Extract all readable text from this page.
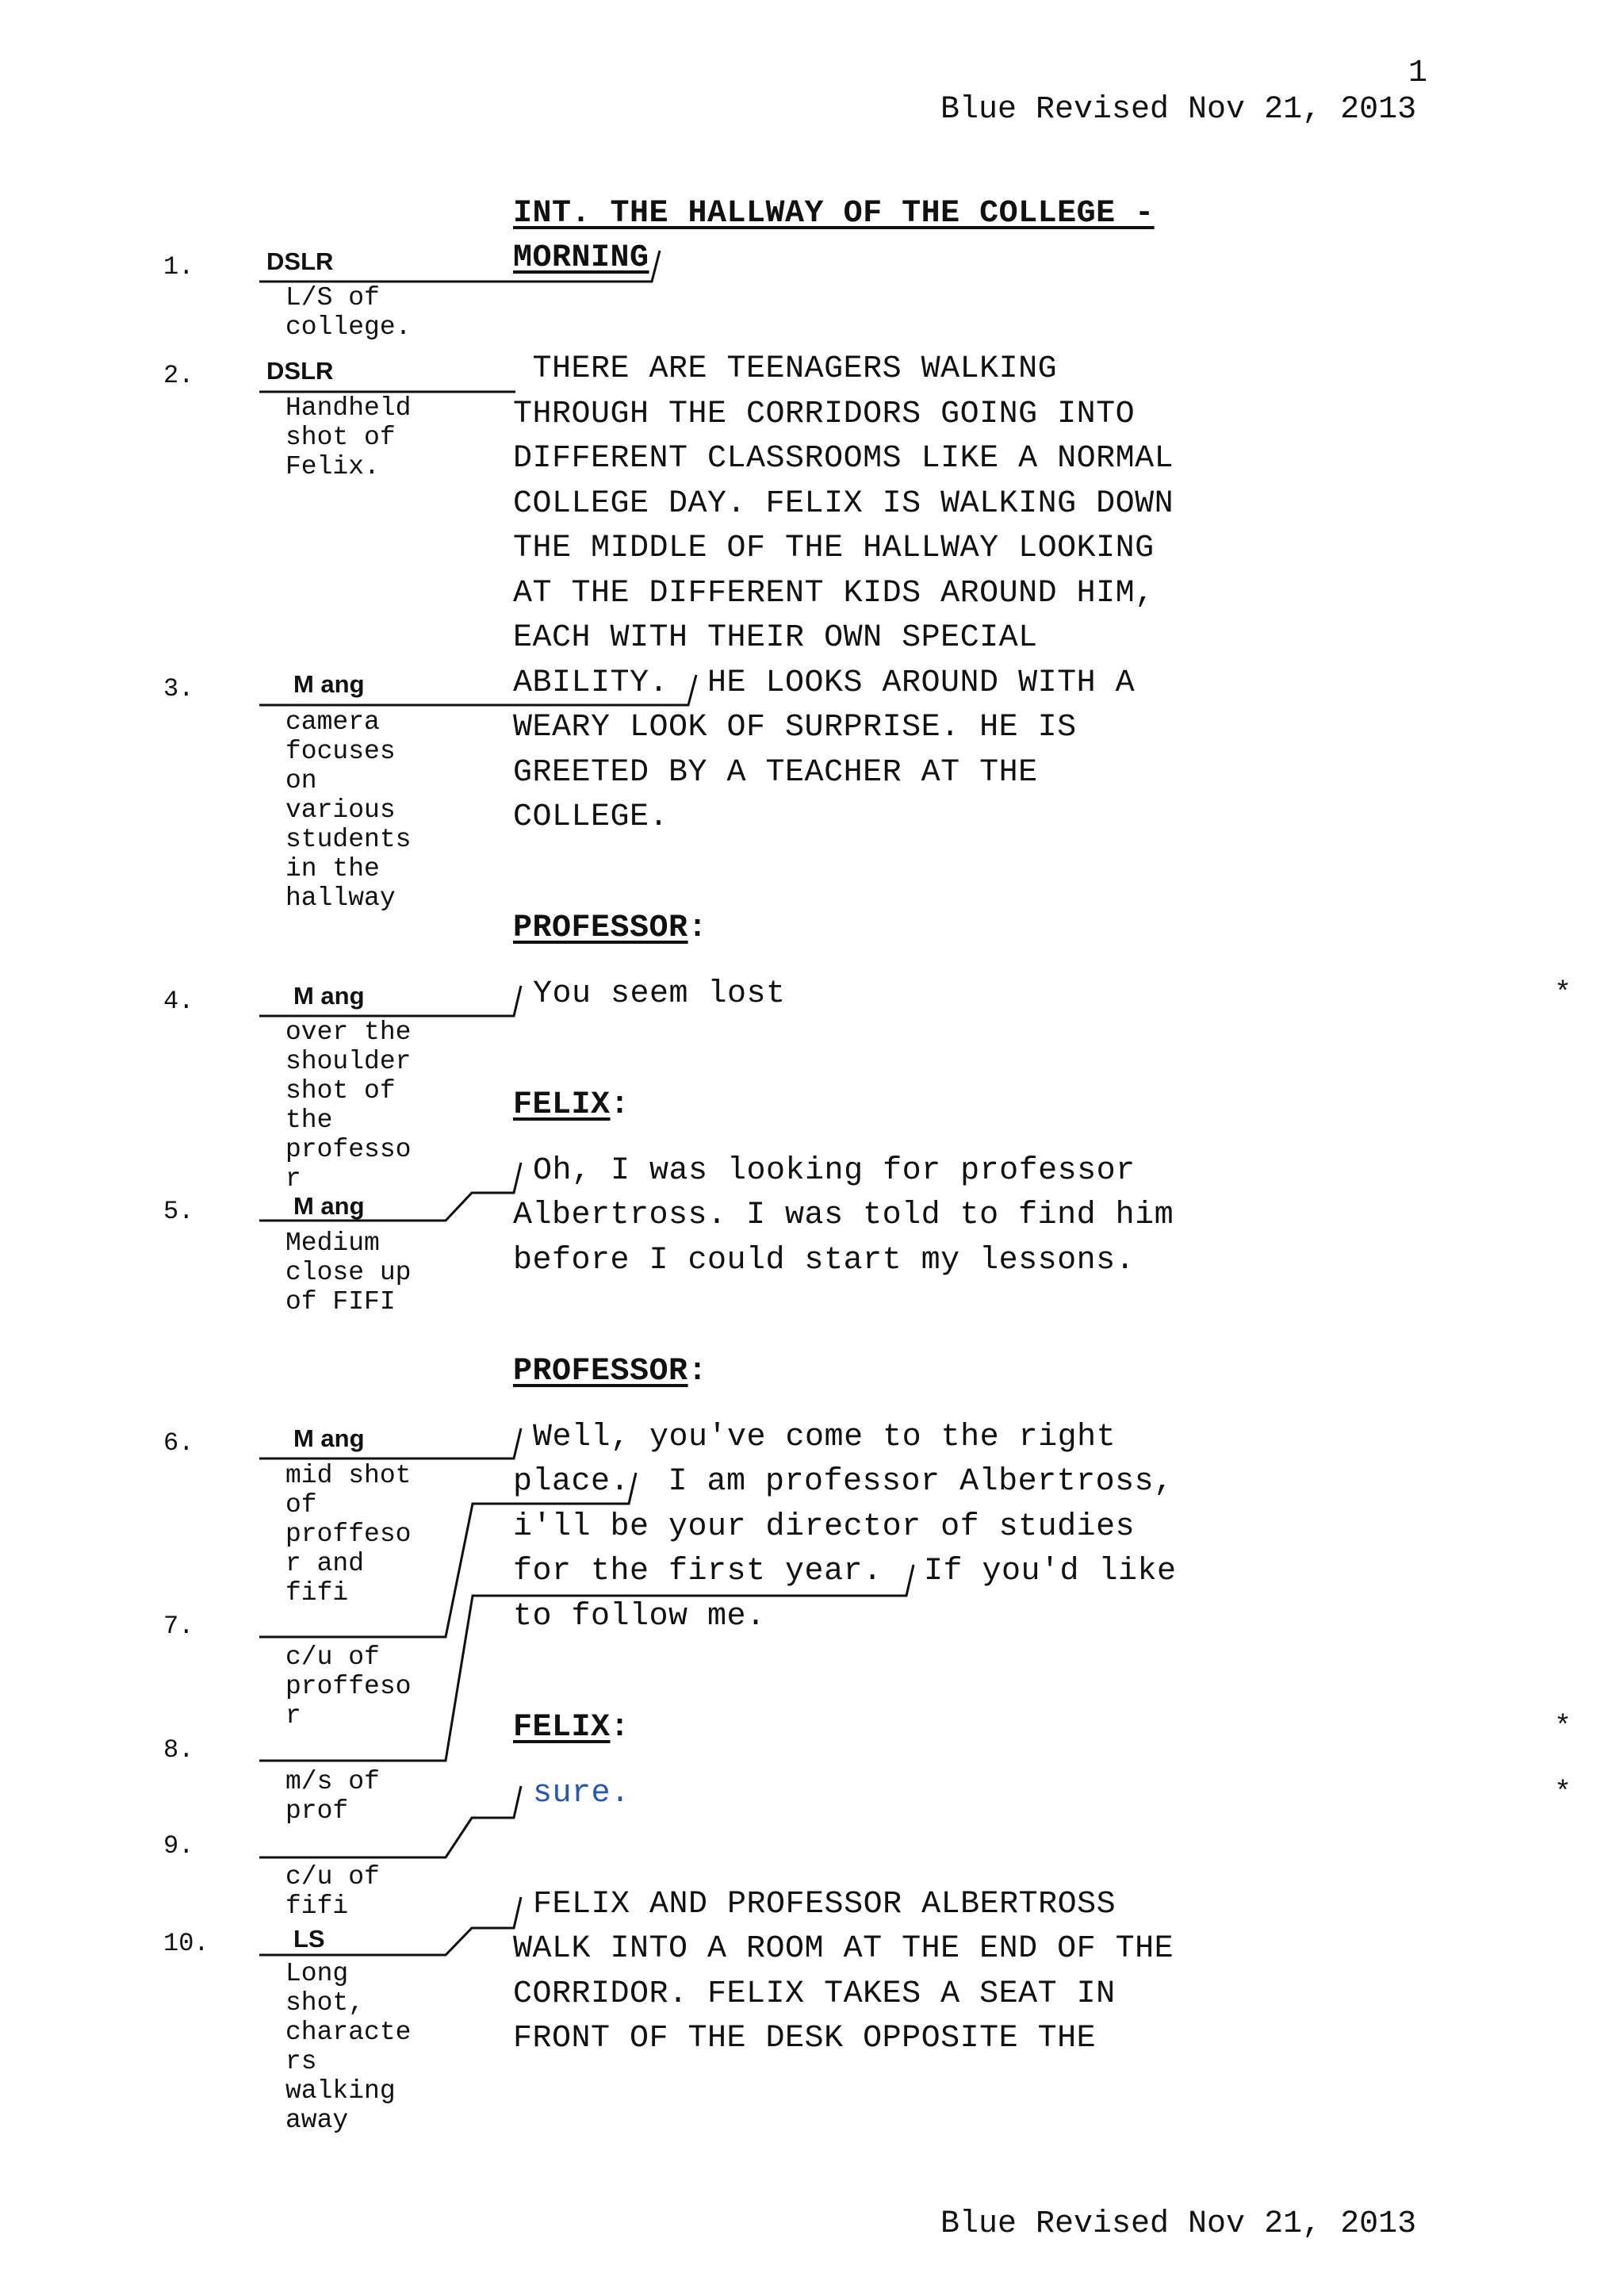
1
Blue Revised Nov 21, 2013
INT. THE HALLWAY OF THE COLLEGE -
MORNING
1.
2.
3.
4.
5.
6.
7.
8.
9.
10.
DSLR
DSLR
M ang
M ang
M ang
M ang
LS
L/S of
college.
Handheld
shot of
Felix.
camera
focuses
on
various
students
in the
hallway
over the
shoulder
shot of
the
professo
r
Medium
close up
of FIFI
mid shot
of
proffeso
r and
fifi
c/u of
proffeso
r
m/s of
prof
c/u of
fifi
Long
shot,
characte
rs
walking
away
THERE ARE TEENAGERS WALKING
THROUGH THE CORRIDORS GOING INTO
DIFFERENT CLASSROOMS LIKE A NORMAL
COLLEGE DAY. FELIX IS WALKING DOWN
THE MIDDLE OF THE HALLWAY LOOKING
AT THE DIFFERENT KIDS AROUND HIM,
EACH WITH THEIR OWN SPECIAL
ABILITY. HE LOOKS AROUND WITH A
WEARY LOOK OF SURPRISE. HE IS
GREETED BY A TEACHER AT THE
COLLEGE.
PROFESSOR:
You seem lost
FELIX:
Oh, I was looking for professor
Albertross. I was told to find him
before I could start my lessons.
PROFESSOR:
Well, you've come to the right
place. I am professor Albertross,
i'll be your director of studies
for the first year. If you'd like
to follow me.
FELIX:
sure.
FELIX AND PROFESSOR ALBERTROSS
WALK INTO A ROOM AT THE END OF THE
CORRIDOR. FELIX TAKES A SEAT IN
FRONT OF THE DESK OPPOSITE THE
*
*
*
Blue Revised Nov 21, 2013
